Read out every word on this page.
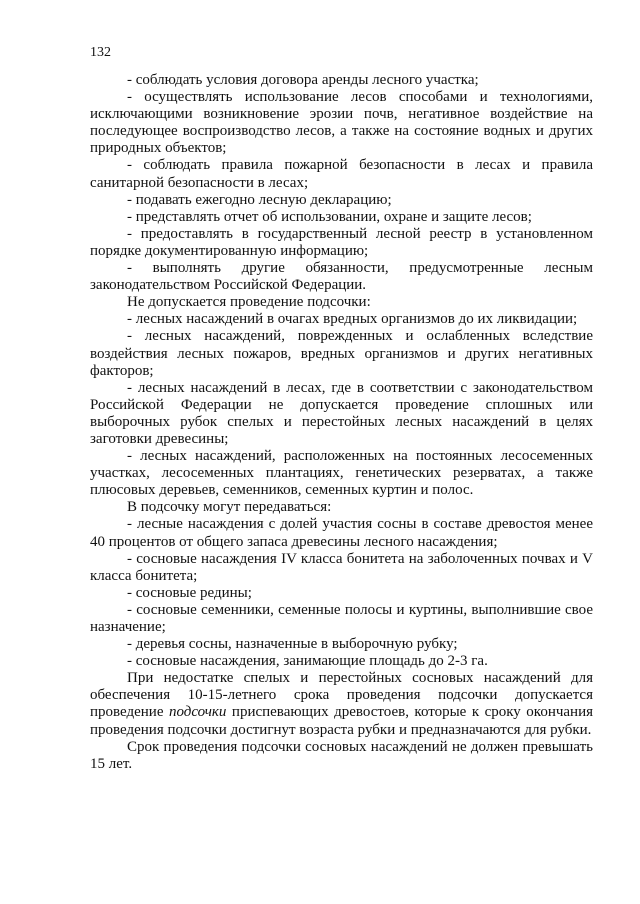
132

- соблюдать условия договора аренды лесного участка;

- осуществлять использование лесов способами и технологиями, исключающими возникновение эрозии почв, негативное воздействие на последующее воспроизводство лесов, а также на состояние водных и других природных объектов;

- соблюдать правила пожарной безопасности в лесах и правила санитарной безопасности в лесах;

- подавать ежегодно лесную декларацию;

- представлять отчет об использовании, охране и защите лесов;

- предоставлять в государственный лесной реестр в установленном порядке документированную информацию;

- выполнять другие обязанности, предусмотренные лесным законодательством Российской Федерации.

Не допускается проведение подсочки:

- лесных насаждений в очагах вредных организмов до их ликвидации;

- лесных насаждений, поврежденных и ослабленных вследствие воздействия лесных пожаров, вредных организмов и других негативных факторов;

- лесных насаждений в лесах, где в соответствии с законодательством Российской Федерации не допускается проведение сплошных или выборочных рубок спелых и перестойных лесных насаждений в целях заготовки древесины;

- лесных насаждений, расположенных на постоянных лесосеменных участках, лесосеменных плантациях, генетических резерватах, а также плюсовых деревьев, семенников, семенных куртин и полос.

В подсочку могут передаваться:

- лесные насаждения с долей участия сосны в составе древостоя менее 40 процентов от общего запаса древесины лесного насаждения;

- сосновые насаждения IV класса бонитета на заболоченных почвах и V класса бонитета;

- сосновые редины;

- сосновые семенники, семенные полосы и куртины, выполнившие свое назначение;

- деревья сосны, назначенные в выборочную рубку;

- сосновые насаждения, занимающие площадь до 2-3 га.

При недостатке спелых и перестойных сосновых насаждений для обеспечения 10-15-летнего срока проведения подсочки допускается проведение подсочки приспевающих древостоев, которые к сроку окончания проведения подсочки достигнут возраста рубки и предназначаются для рубки.

Срок проведения подсочки сосновых насаждений не должен превышать 15 лет.
